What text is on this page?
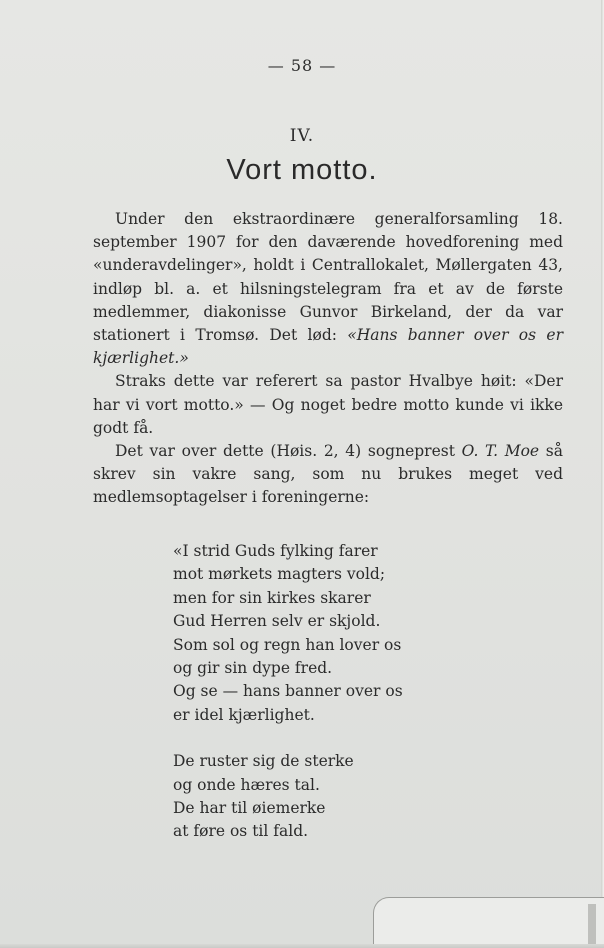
— 58 —
IV.
Vort motto.

Under den ekstraordinære generalforsamling 18. september 1907 for den daværende hovedforening med «underavdelinger», holdt i Centrallokalet, Møllergaten 43, indløp bl. a. et hilsningstelegram fra et av de første medlemmer, diakonisse Gunvor Birkeland, der da var stationert i Tromsø. Det lød: «Hans banner over os er kjærlighet.»

Straks dette var referert sa pastor Hvalbye høit: «Der har vi vort motto.» — Og noget bedre motto kunde vi ikke godt få.

Det var over dette (Høis. 2, 4) sogneprest O. T. Moe så skrev sin vakre sang, som nu brukes meget ved medlemsoptagelser i foreningerne:

«I strid Guds fylking farer
mot mørkets magters vold;
men for sin kirkes skarer
Gud Herren selv er skjold.
Som sol og regn han lover os
og gir sin dype fred.
Og se — hans banner over os
er idel kjærlighet.
De ruster sig de sterke
og onde hæres tal.
De har til øiemerke
at føre os til fald.
